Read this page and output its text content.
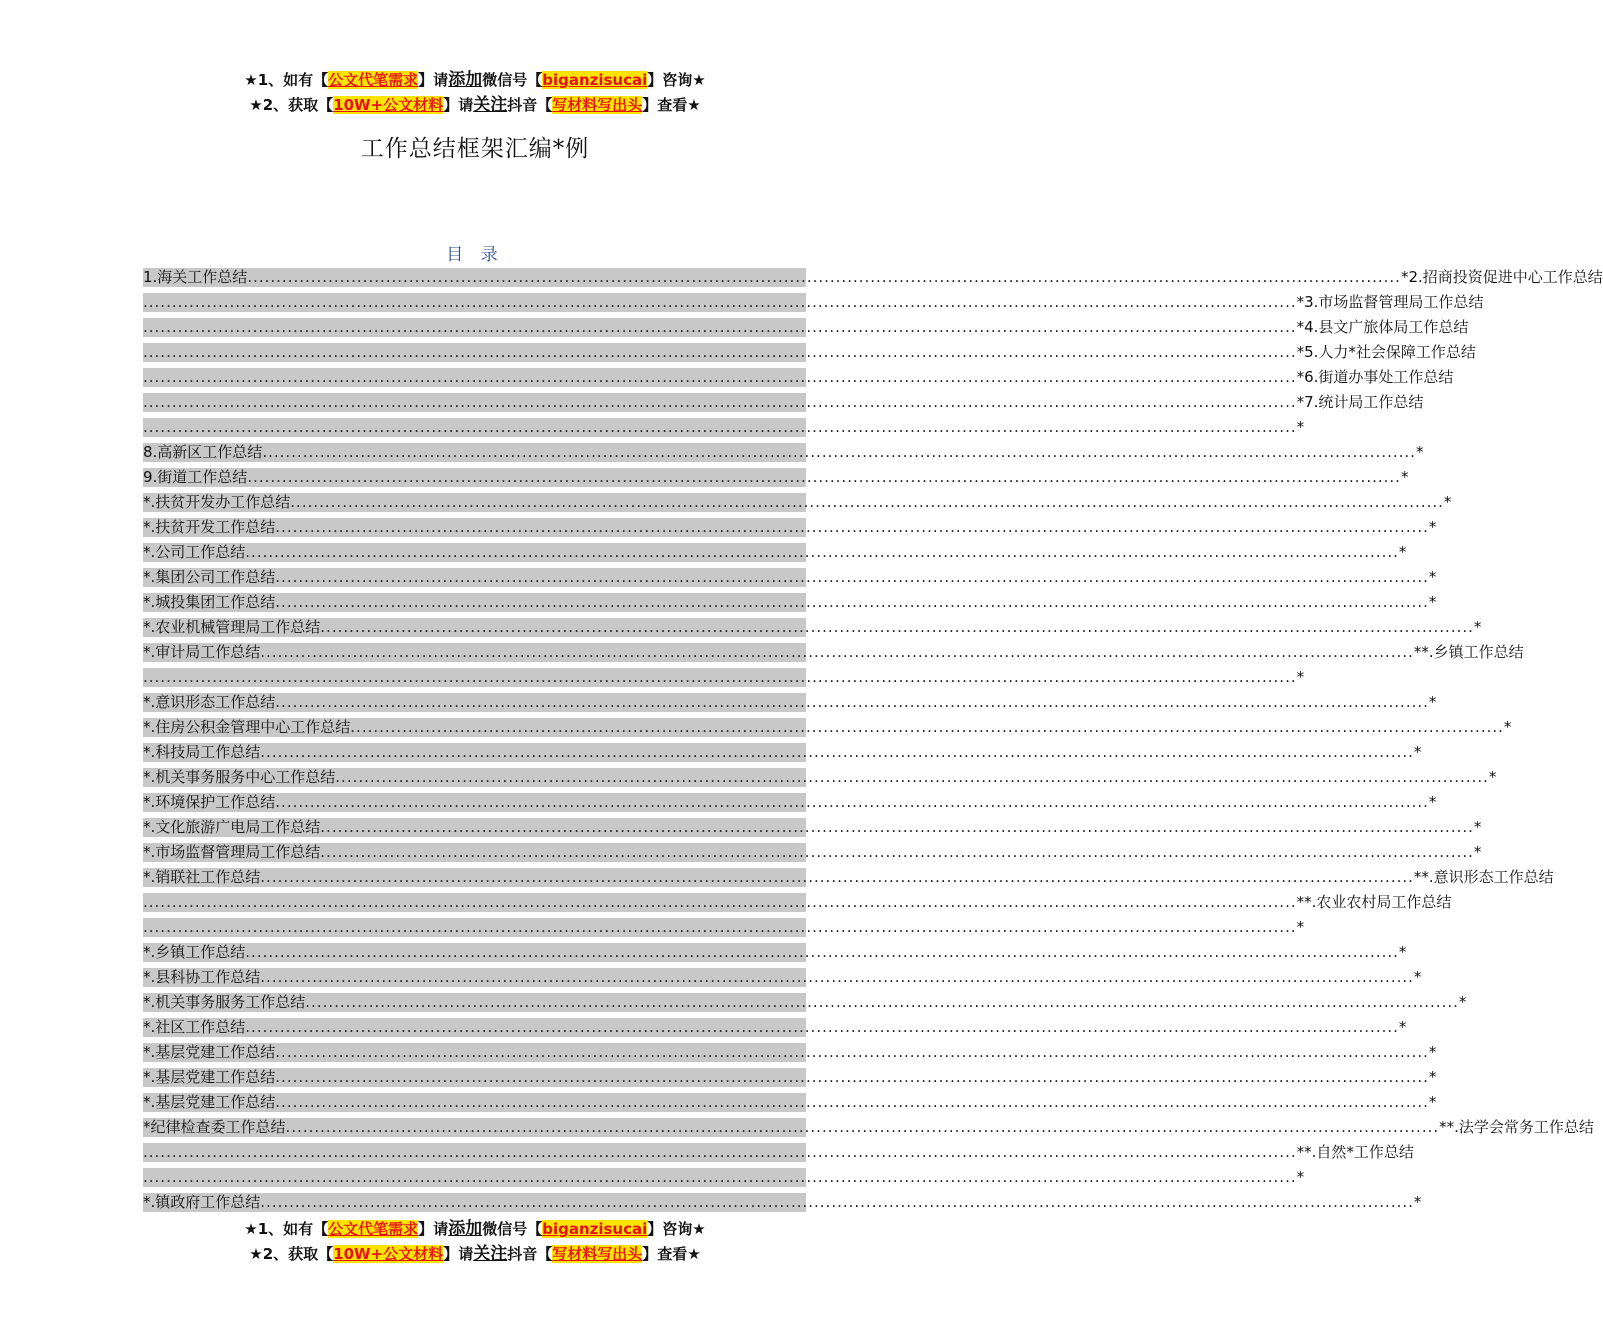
★1、如有【公文代笔需求】请添加微信号【biganzisucai】咨询★
★2、获取【10W+公文材料】请关注抖音【写材料写出头】查看★
工作总结框架汇编*例
目 录
1.海关工作总结 ........................................................................................................................................................................................................ *2.招商投资促进中心工作总结
........................................................................................................................................................................................................ *3.市场监督管理局工作总结
........................................................................................................................................................................................................ *4.县文广旅体局工作总结
........................................................................................................................................................................................................ *5.人力*社会保障工作总结
........................................................................................................................................................................................................ *6.街道办事处工作总结
........................................................................................................................................................................................................ *7.统计局工作总结
........................................................................................................................................................................................................ *
8.高新区工作总结 ........................................................................................................................................................................................................ *
9.街道工作总结 ........................................................................................................................................................................................................ *
*.扶贫开发办工作总结 ........................................................................................................................................................................................................ *
*.扶贫开发工作总结 ........................................................................................................................................................................................................ *
*.公司工作总结 ........................................................................................................................................................................................................ *
*.集团公司工作总结 ........................................................................................................................................................................................................ *
*.城投集团工作总结 ........................................................................................................................................................................................................ *
*.农业机械管理局工作总结 ........................................................................................................................................................................................................ *
*.审计局工作总结 ........................................................................................................................................................................................................ **.乡镇工作总结
........................................................................................................................................................................................................ *
*.意识形态工作总结 ........................................................................................................................................................................................................ *
*.住房公积金管理中心工作总结 ........................................................................................................................................................................................................ *
*.科技局工作总结 ........................................................................................................................................................................................................ *
*.机关事务服务中心工作总结 ........................................................................................................................................................................................................ *
*.环境保护工作总结 ........................................................................................................................................................................................................ *
*.文化旅游广电局工作总结 ........................................................................................................................................................................................................ *
*.市场监督管理局工作总结 ........................................................................................................................................................................................................ *
*.销联社工作总结 ........................................................................................................................................................................................................ **.意识形态工作总结
........................................................................................................................................................................................................ **.农业农村局工作总结
........................................................................................................................................................................................................ *
*.乡镇工作总结 ........................................................................................................................................................................................................ *
*.县科协工作总结 ........................................................................................................................................................................................................ *
*.机关事务服务工作总结 ........................................................................................................................................................................................................ *
*.社区工作总结 ........................................................................................................................................................................................................ *
*.基层党建工作总结 ........................................................................................................................................................................................................ *
*.基层党建工作总结 ........................................................................................................................................................................................................ *
*.基层党建工作总结 ........................................................................................................................................................................................................ *
*纪律检查委工作总结 ........................................................................................................................................................................................................ **.法学会常务工作总结
........................................................................................................................................................................................................ **.自然*工作总结
........................................................................................................................................................................................................ *
*.镇政府工作总结 ........................................................................................................................................................................................................ *
★1、如有【公文代笔需求】请添加微信号【biganzisucai】咨询★
★2、获取【10W+公文材料】请关注抖音【写材料写出头】查看★
